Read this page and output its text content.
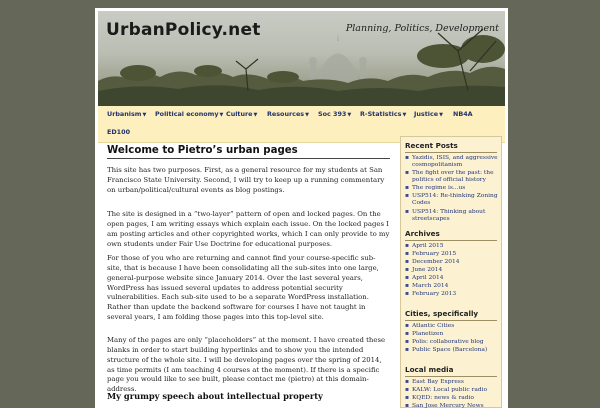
UrbanPolicy.net	Planning, Politics, Development
Urbanism▼ Political economy▼ Culture▼ Resources▼ Soc 393▼ R-Statistics▼ Justice▼ NB4A
ED100
Welcome to Pietro’s urban pages

This site has two purposes. First, as a general resource for my students at San Francisco State University. Second, I will try to keep up a running commentary on urban/political/cultural events as blog postings.

The site is designed in a “two-layer” pattern of open and locked pages. On the open pages, I am writing essays which explain each issue. On the locked pages I am posting articles and other copyrighted works, which I can only provide to my own students under Fair Use Doctrine for educational purposes.

For those of you who are returning and cannot find your course-specific sub-site, that is because I have been consolidating all the sub-sites into one large, general-purpose website since January 2014. Over the last several years, WordPress has issued several updates to address potential security vulnerabilities. Each sub-site used to be a separate WordPress installation. Rather than update the backend software for courses I have not taught in several years, I am folding those pages into this top-level site.

Many of the pages are only “placeholders” at the moment. I have created these blanks in order to start building hyperlinks and to show you the intended structure of the whole site. I will be developing pages over the spring of 2014, as time permits (I am teaching 4 courses at the moment). If there is a specific page you would like to see built, please contact me (pietro) at this domain-address.

My grumpy speech about intellectual property
Recent Posts
▪ Yazidis, ISIS, and aggressive cosmopolitanism
▪ The fight over the past: the politics of official history
▪ The regime is...us
▪ USP514: Re-thinking Zoning Codes
▪ USP514: Thinking about streetscapes
Archives
▪ April 2015
▪ February 2015
▪ December 2014
▪ June 2014
▪ April 2014
▪ March 2014
▪ February 2013
Cities, specifically
▪ Atlantic Cities
▪ Planetizen
▪ Polis: collaborative blog
▪ Public Space (Barcelona)
Local media
▪ East Bay Express
▪ KALW: Local public radio
▪ KQED: news & radio
▪ San Jose Mercury News
